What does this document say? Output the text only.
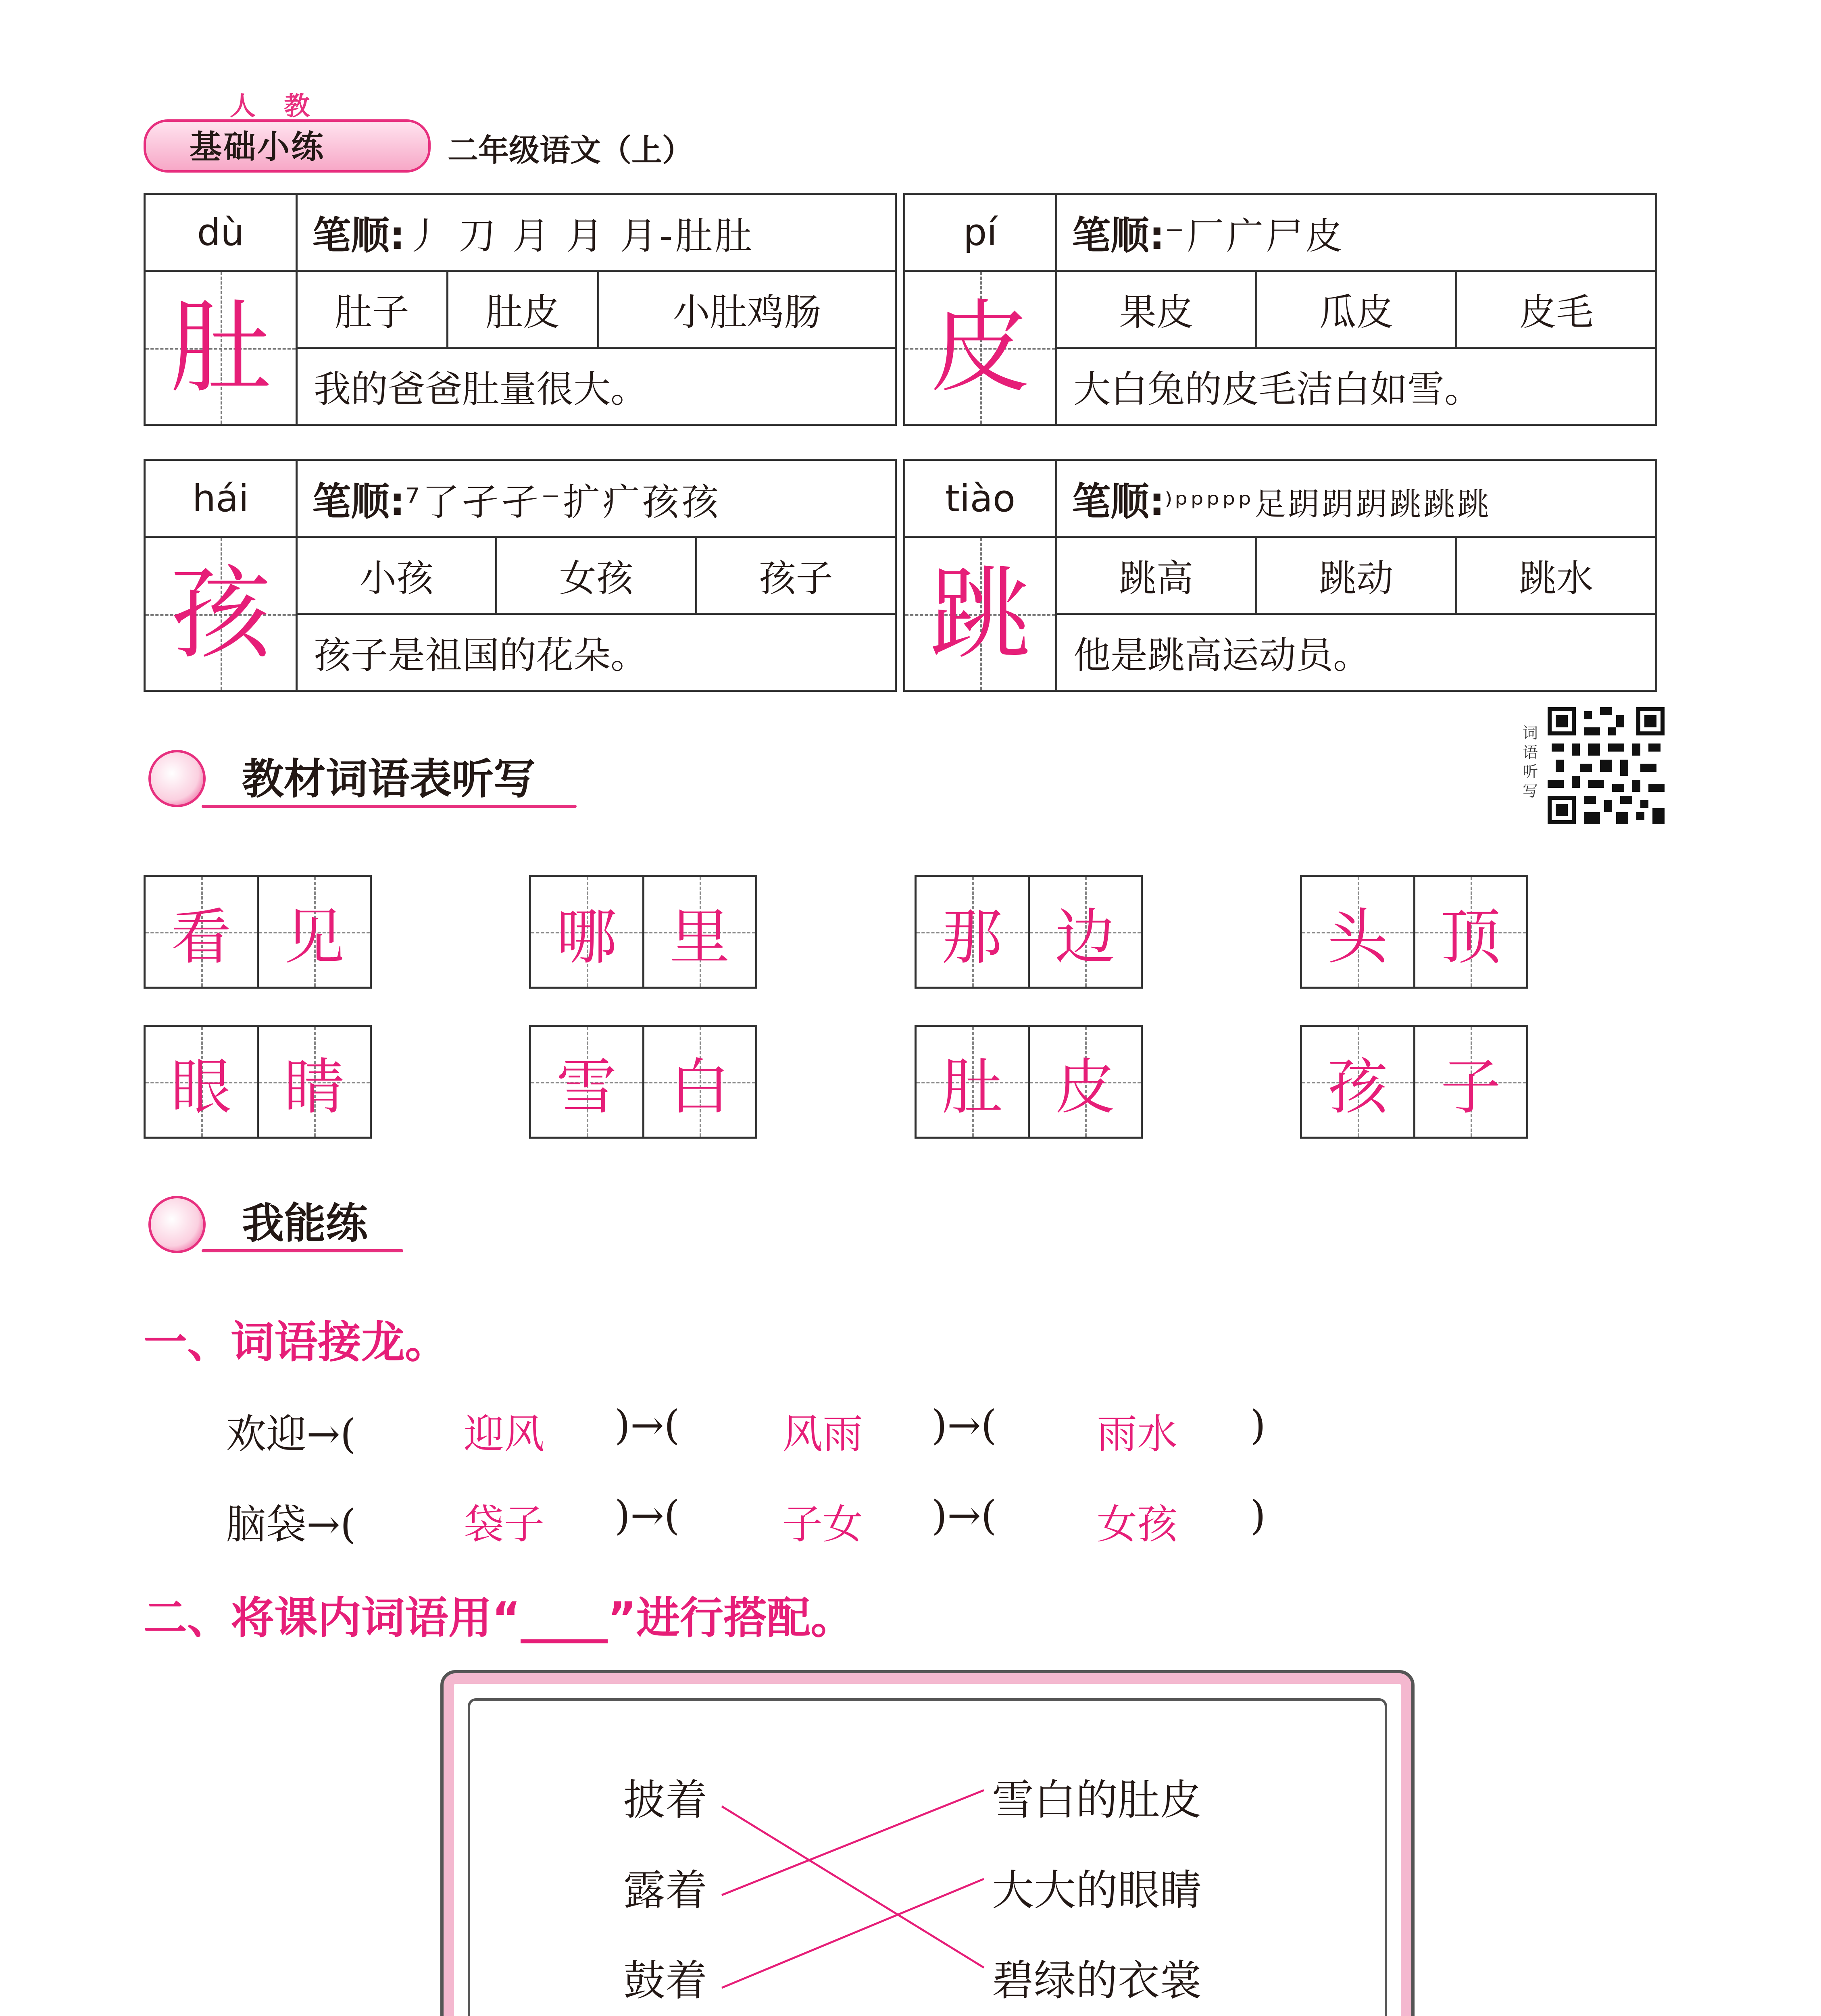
人 教
基础小练	二年级语文（上）
dù	笔顺:丿 刀 月 月 月-肚肚		

肚	肚子	肚皮	小肚鸡肠
	我的爸爸肚量很大。		
pí	笔顺:⁻厂广尸皮		

皮	果皮	瓜皮	皮毛
	大白兔的皮毛洁白如雪。		
hái	笔顺:⁷了孑孑⁻扩疒孩孩		

孩	小孩	女孩	孩子
	孩子是祖国的花朵。		
tiào	笔顺:⁾ᵖᵖᵖᵖᵖ足跀跀跀跳跳跳		

跳	跳高	跳动	跳水
	他是跳高运动员。		
教材词语表听写
词语听写
看 见	哪 里	那 边	头 顶
眼 睛	雪 白	肚 皮	孩 子
我能练
一、词语接龙。
欢迎→(	迎风 )→(	风雨 )→( 雨水 )
脑袋→(	袋子 )→(	子女 )→( 女孩 )
二、将课内词语用“____”进行搭配。
披着
露着
鼓着
雪白的肚皮
大大的眼睛
碧绿的衣裳
